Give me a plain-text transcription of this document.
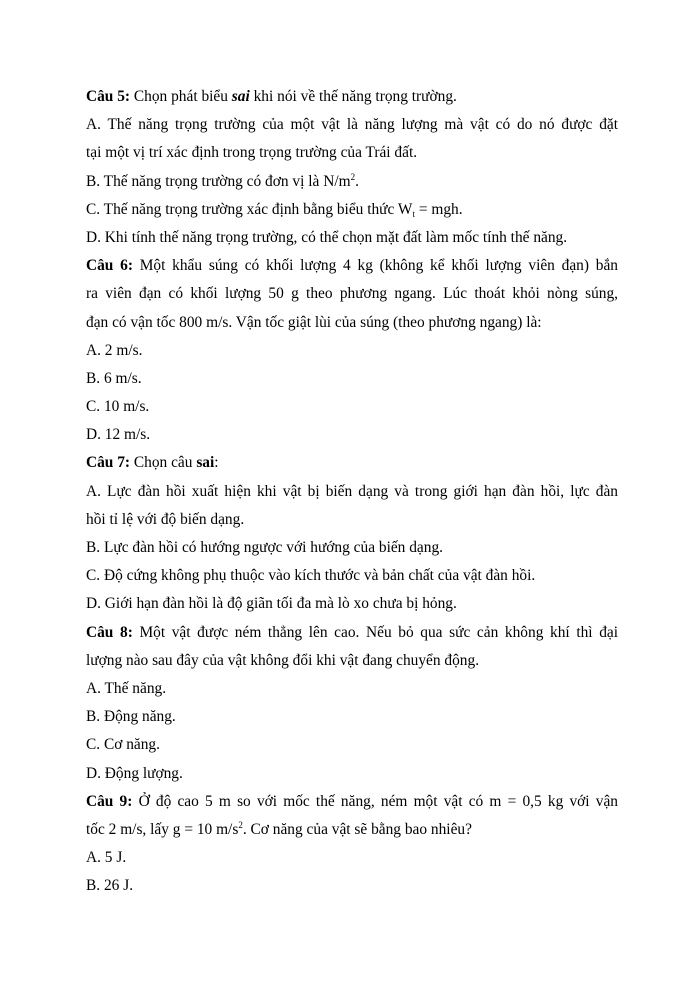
Câu 5: Chọn phát biểu sai khi nói về thế năng trọng trường.
A. Thế năng trọng trường của một vật là năng lượng mà vật có do nó được đặt
tại một vị trí xác định trong trọng trường của Trái đất.
B. Thế năng trọng trường có đơn vị là $N/m^2$.
C. Thế năng trọng trường xác định bằng biểu thức $W_t$ = mgh.
D. Khi tính thế năng trọng trường, có thể chọn mặt đất làm mốc tính thế năng.
Câu 6: Một khẩu súng có khối lượng 4 kg (không kể khối lượng viên đạn) bắn
ra viên đạn có khối lượng 50 g theo phương ngang. Lúc thoát khỏi nòng súng,
đạn có vận tốc 800 m/s. Vận tốc giật lùi của súng (theo phương ngang) là:
A. 2 m/s.
B. 6 m/s.
C. 10 m/s.
D. 12 m/s.
Câu 7: Chọn câu sai:
A. Lực đàn hồi xuất hiện khi vật bị biến dạng và trong giới hạn đàn hồi, lực đàn
hồi tỉ lệ với độ biến dạng.
B. Lực đàn hồi có hướng ngược với hướng của biến dạng.
C. Độ cứng không phụ thuộc vào kích thước và bản chất của vật đàn hồi.
D. Giới hạn đàn hồi là độ giãn tối đa mà lò xo chưa bị hỏng.
Câu 8: Một vật được ném thẳng lên cao. Nếu bỏ qua sức cản không khí thì đại
lượng nào sau đây của vật không đổi khi vật đang chuyển động.
A. Thế năng.
B. Động năng.
C. Cơ năng.
D. Động lượng.
Câu 9: Ở độ cao 5 m so với mốc thế năng, ném một vật có m = 0,5 kg với vận
tốc 2 m/s, lấy g = 10 $m/s^2$. Cơ năng của vật sẽ bằng bao nhiêu?
A. 5 J.
B. 26 J.
